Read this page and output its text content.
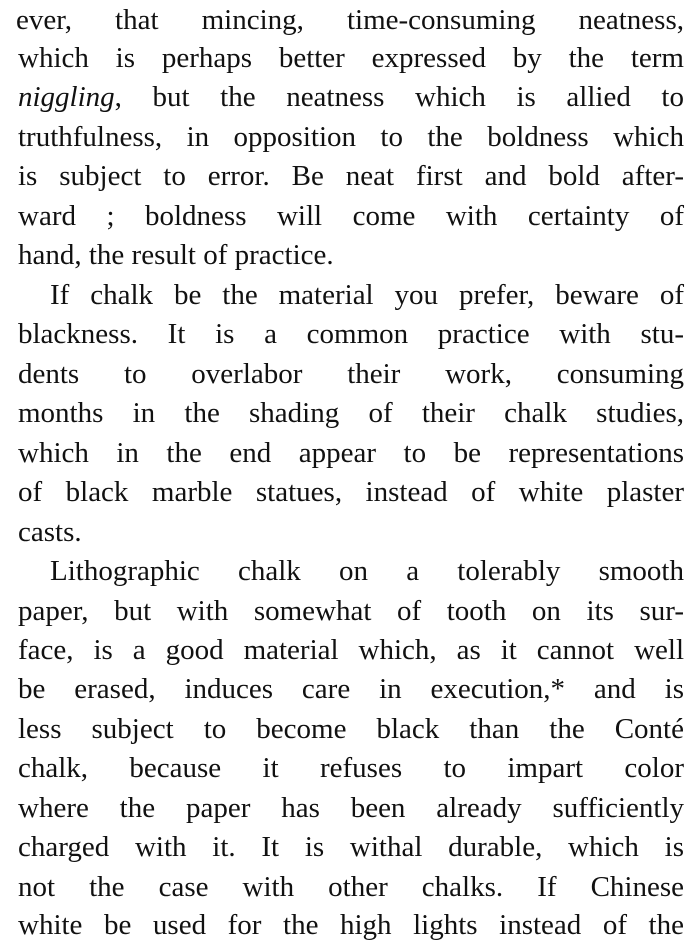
ever, that mincing, time-consuming neatness,
which is perhaps better expressed by the term
niggling, but the neatness which is allied to
truthfulness, in opposition to the boldness which
is subject to error. Be neat first and bold after-
ward ; boldness will come with certainty of
hand, the result of practice.
If chalk be the material you prefer, beware of
blackness. It is a common practice with stu-
dents to overlabor their work, consuming
months in the shading of their chalk studies,
which in the end appear to be representations
of black marble statues, instead of white plaster
casts.
Lithographic chalk on a tolerably smooth
paper, but with somewhat of tooth on its sur-
face, is a good material which, as it cannot well
be erased, induces care in execution,* and is
less subject to become black than the Conté
chalk, because it refuses to impart color
where the paper has been already sufficiently
charged with it. It is withal durable, which is
not the case with other chalks. If Chinese
white be used for the high lights instead of the
